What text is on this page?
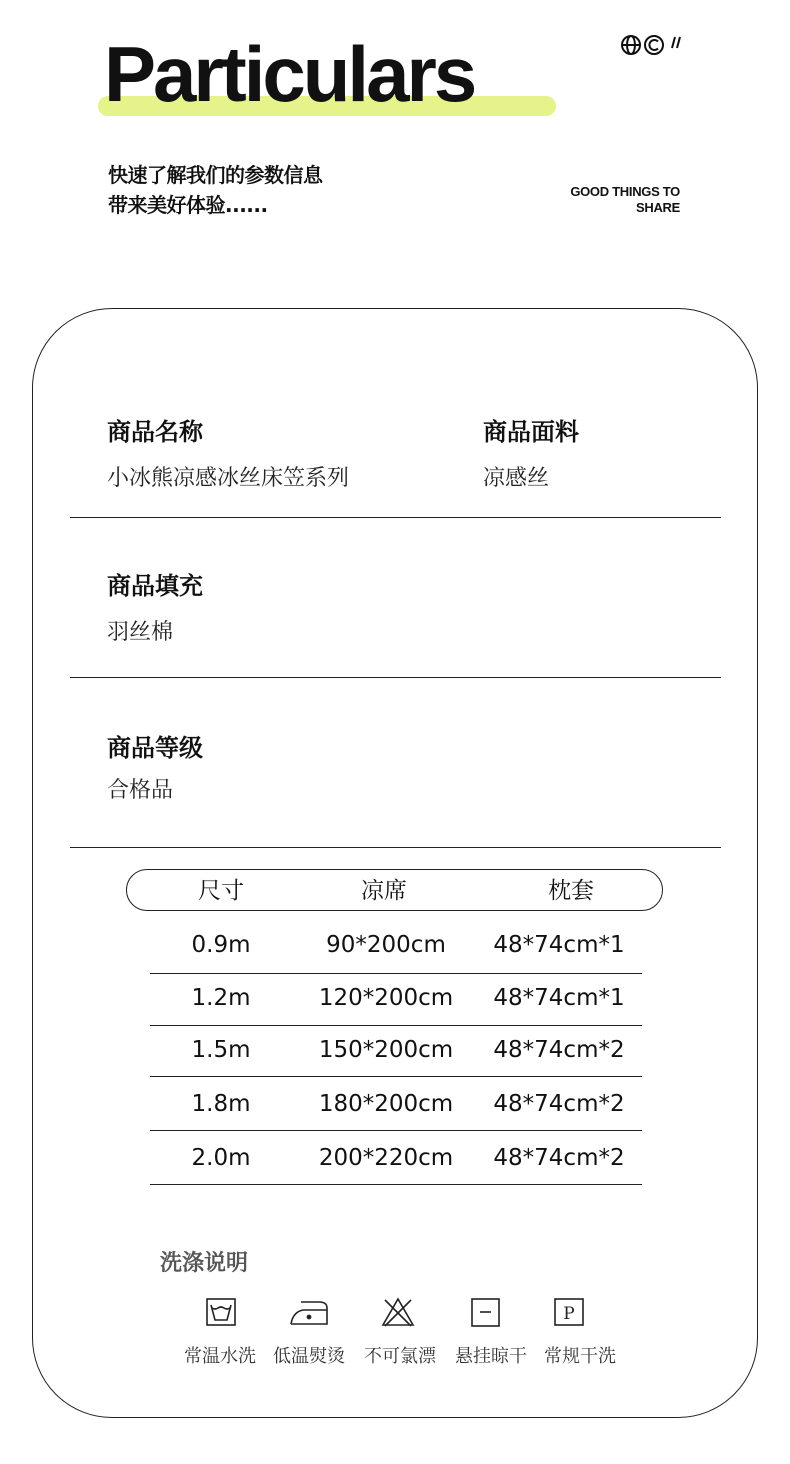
Particulars
快速了解我们的参数信息
带来美好体验......
GOOD THINGS TO
SHARE
商品名称
小冰熊凉感冰丝床笠系列
商品面料
凉感丝
商品填充
羽丝棉
商品等级
合格品
尺寸	凉席	枕套
0.9m	90*200cm	48*74cm*1
1.2m	120*200cm	48*74cm*1
1.5m	150*200cm	48*74cm*2
1.8m	180*200cm	48*74cm*2
2.0m	200*220cm	48*74cm*2
洗涤说明
P
常温水洗 低温熨烫	不可氯漂	悬挂晾干 常规干洗
